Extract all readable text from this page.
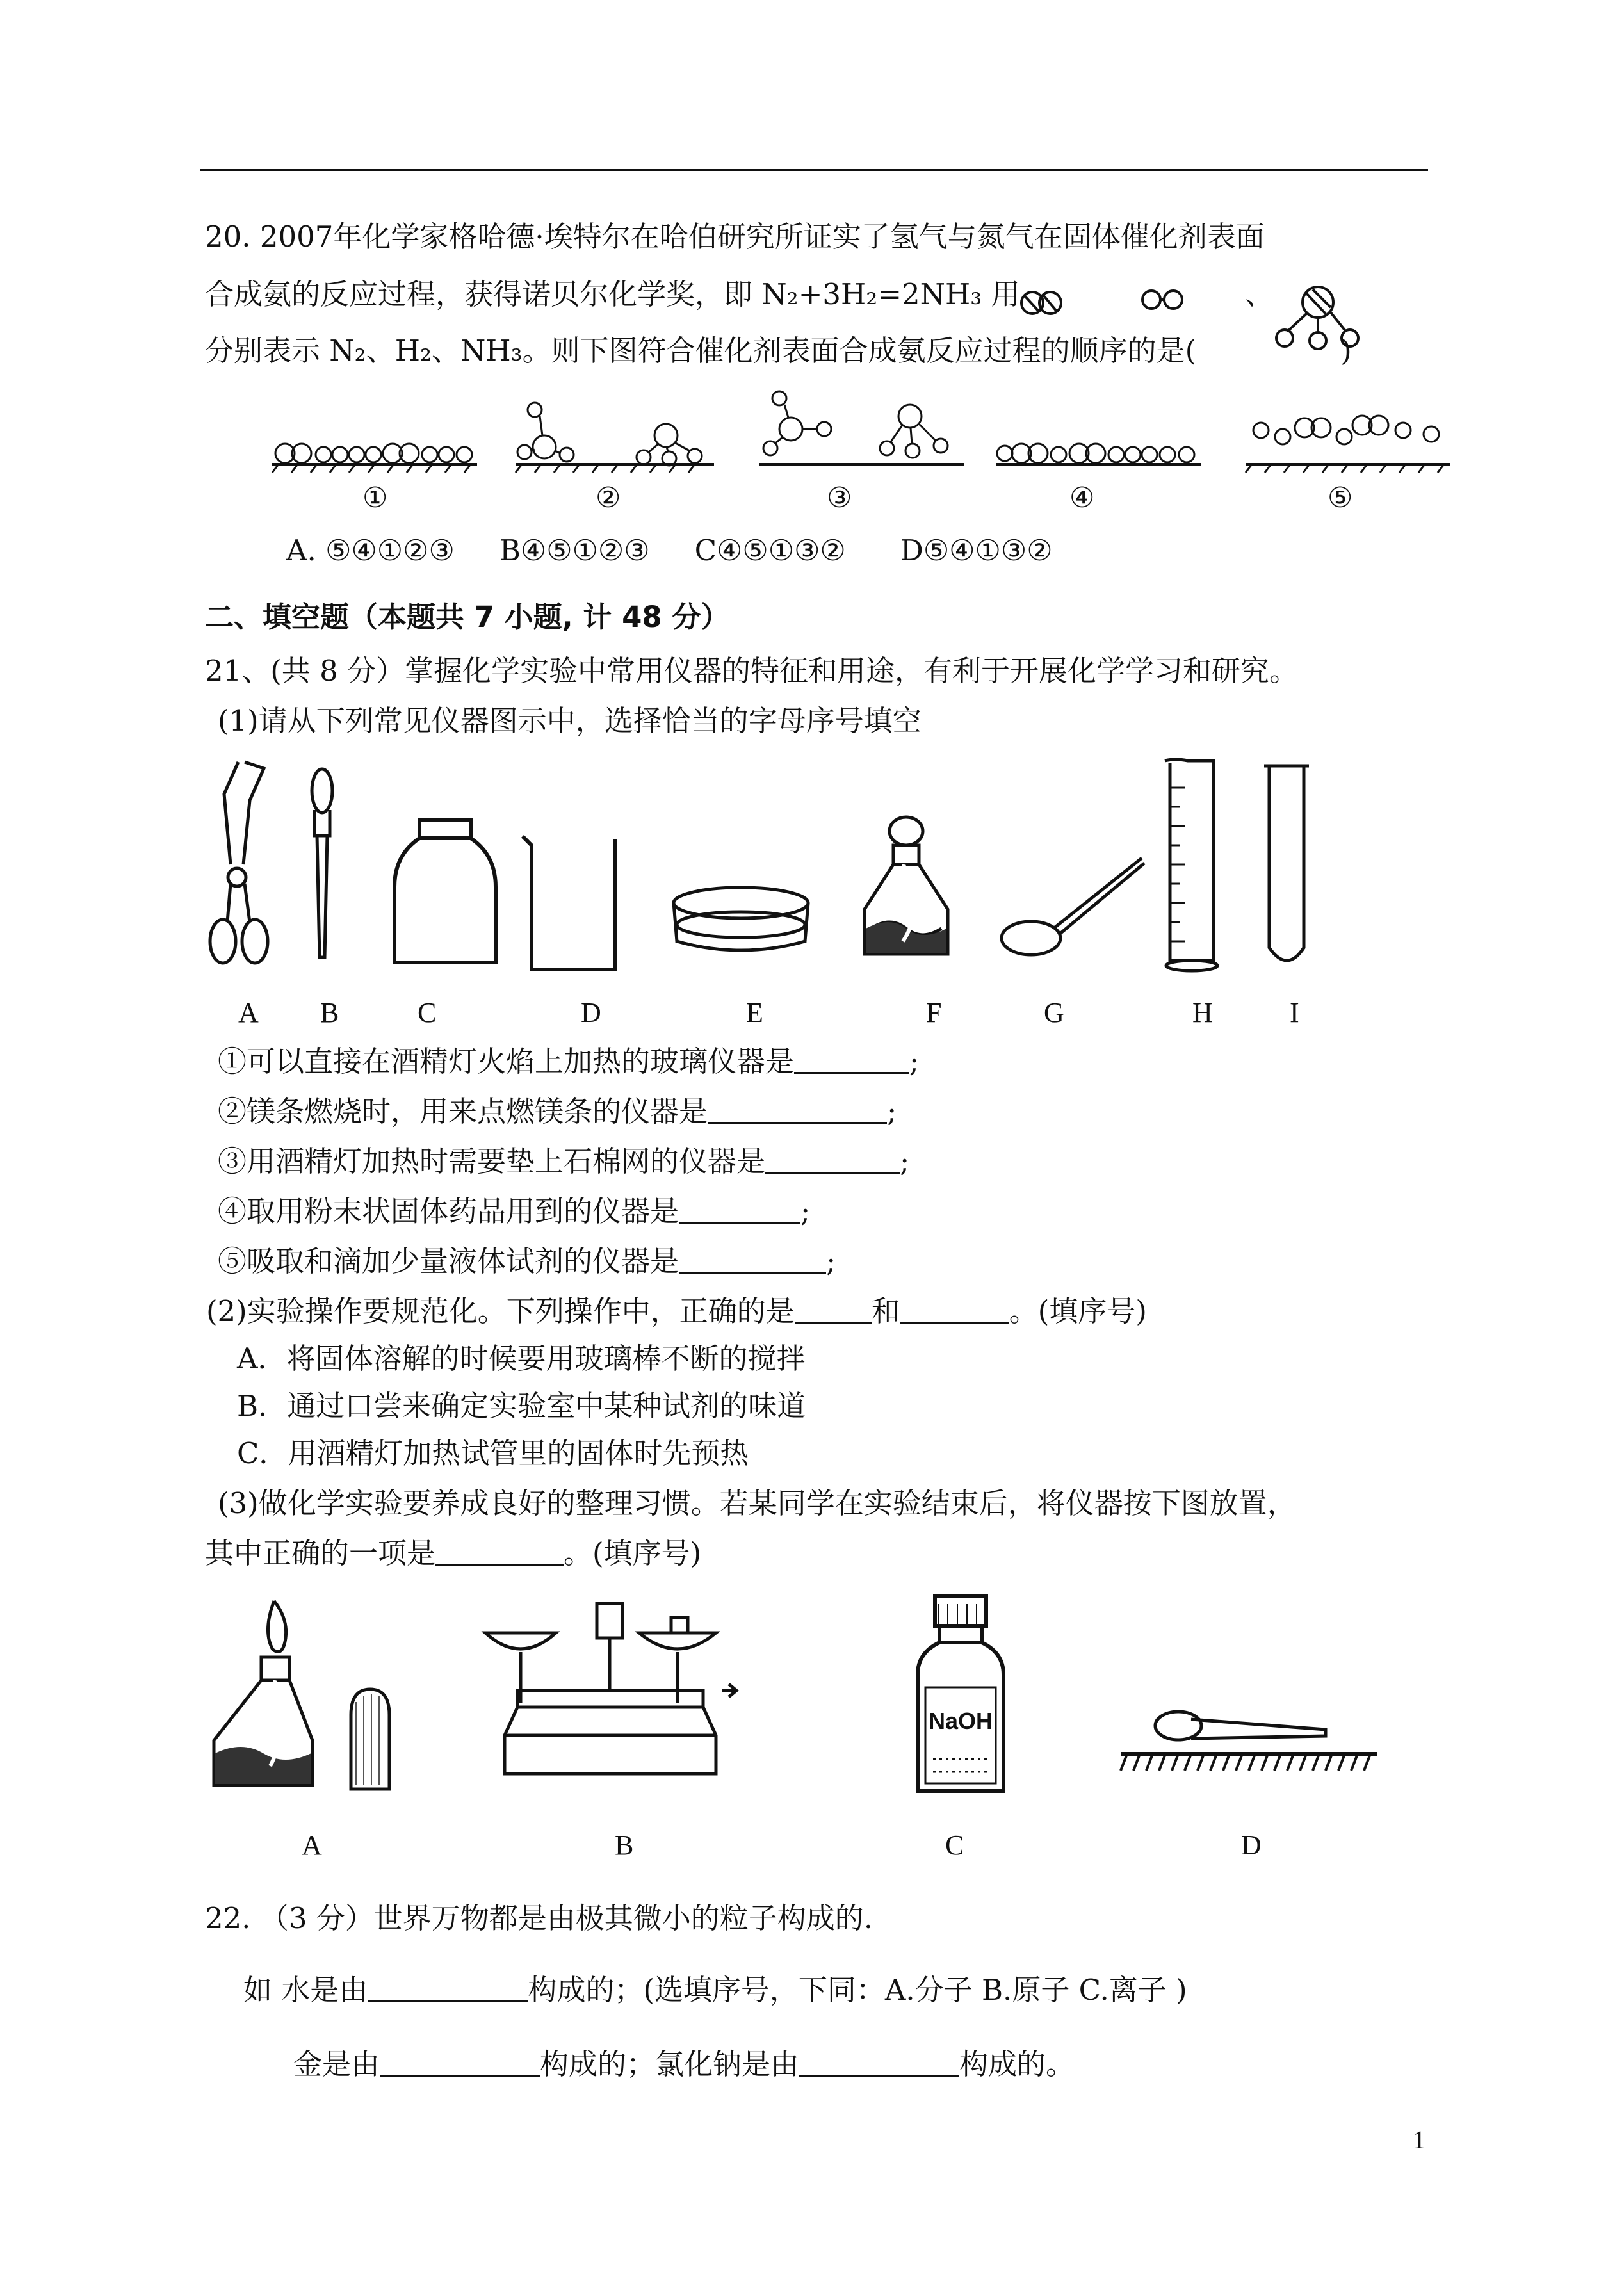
20. 2007年化学家格哈德·埃特尔在哈伯研究所证实了氢气与氮气在固体催化剂表面
合成氨的反应过程，获得诺贝尔化学奖，即 N₂+3H₂=2NH₃ 用	、
分别表示 N₂、H₂、NH₃。则下图符合催化剂表面合成氨反应过程的顺序的是(	)
①	②	③	④	⑤
A. ⑤④①②③ B④⑤①②③ C④⑤①③② D⑤④①③②
二、填空题（本题共 7 小题, 计 48 分）
21、(共 8 分）掌握化学实验中常用仪器的特征和用途，有利于开展化学学习和研究。
(1)请从下列常见仪器图示中，选择恰当的字母序号填空
A B	C	D	E	F	G	H	I
①可以直接在酒精灯火焰上加热的玻璃仪器是	;
②镁条燃烧时，用来点燃镁条的仪器是	;
③用酒精灯加热时需要垫上石棉网的仪器是	;
④取用粉末状固体药品用到的仪器是	;
⑤吸取和滴加少量液体试剂的仪器是	;
(2)实验操作要规范化。下列操作中，正确的是	和	。(填序号)
A．将固体溶解的时候要用玻璃棒不断的搅拌
B．通过口尝来确定实验室中某种试剂的味道
C．用酒精灯加热试管里的固体时先预热
(3)做化学实验要养成良好的整理习惯。若某同学在实验结束后，将仪器按下图放置，
其中正确的一项是	。(填序号)
NaOH
A	B	C	D
22. （3 分）世界万物都是由极其微小的粒子构成的.
如 水是由	构成的；(选填序号，下同：A.分子 B.原子 C.离子 )
金是由	构成的；氯化钠是由	构成的。
1
